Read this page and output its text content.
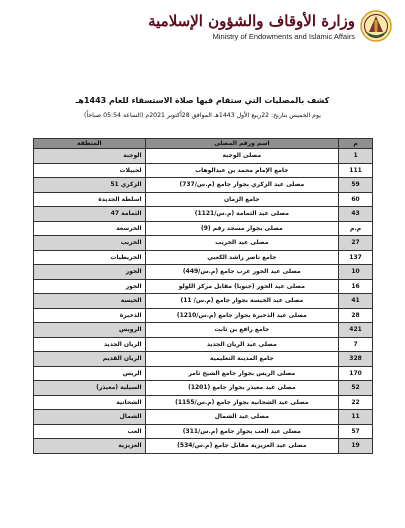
وزارة الأوقاف والشؤون الإسلامية
Ministry of Endowments and Islamic Affairs
كشف بالمصليات التي ستقام فيها صلاة الاستسقاء للعام 1443هـ
يوم الخميس بتاريخ: 22ربيع الأول 1443هـ الموافق 28أكتوبر 2021م (الساعة 05:54 صباحاً)
م	اسم ورقم المصلى	المنطقة
1	مصلى الوجبة	الوجبة
111	جامع الإمام محمد بن عبدالوهاب	لجبيلات
59	مصلى عيد الزكري بجوار جامع (م.س/737)	الزكري 51
60	جامع الزمان	اسلطة الجديدة
43	مصلى عيد الثمامة (م.س/1121)	الثمامة 47
م.م	مصلى بجوار مسجد رقم (9)	الخرسعة
27	مصلى عيد الخريب	الخريب
137	جامع ناصر راشد الكعبي	الخريطيات
10	مصلى عيد الخور غرب جامع (م.س/449)	الخور
16	مصلى عيد الخور (جنوبا) مقابل مركز اللولو	الخور
41	مصلى عيد الخيسة بجوار جامع (م.س/ 11)	الخيسة
28	مصلى عيد الذخيرة بجوار جامع (م.س/1210)	الذخيرة
421	جامع رافع بن ثابت	الرويس
7	مصلى عيد الريان الجديد	الريان الجديد
328	جامع المدينة التعليمية	الريان القديم
170	مصلى الريس بجوار جامع الشيخ ثامر	الريس
52	مصلى عيد معيذر بجوار جامع (1201)	السيلية (معيذر)
22	مصلى عيد الشحانية بجوار جامع (م.س/1155)	الشحانية
11	مصلى عيد الشمال	الشمال
57	مصلى عيد العب بجوار جامع (م.س/311)	العب
19	مصلى عيد العزيزية مقابل جامع (م.س/534)	العزيزية
